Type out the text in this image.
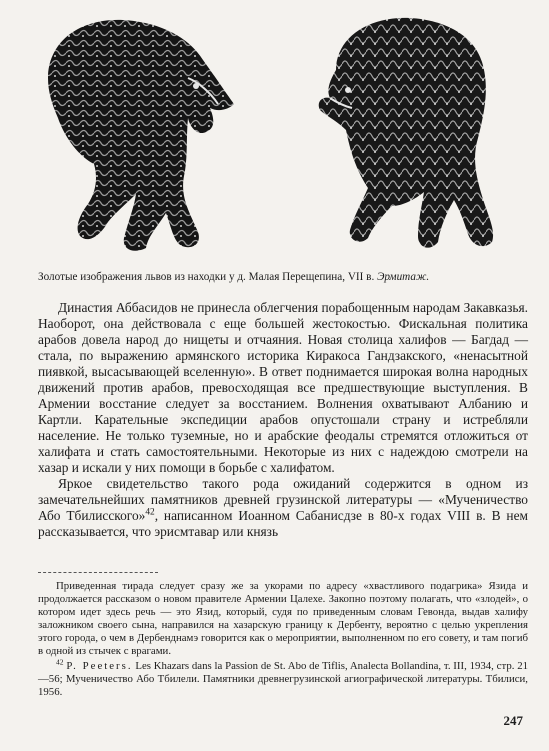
Золотые изображения львов из находки у д. Малая Перещепина, VII в. Эрмитаж.

Династия Аббасидов не принесла облегчения порабощенным народам Закавказья. Наоборот, она действовала с еще большей жестокостью. Фискальная политика арабов довела народ до нищеты и отчаяния. Новая столица халифов — Багдад — стала, по выражению армянского историка Киракоса Гандзакского, «ненасытной пиявкой, высасывающей вселенную». В ответ поднимается широкая волна народных движений против арабов, превосходящая все предшествующие выступления. В Армении восстание следует за восстанием. Волнения охватывают Албанию и Картли. Карательные экспедиции арабов опустошали страну и истребляли население. Не только туземные, но и арабские феодалы стремятся отложиться от халифата и стать самостоятельными. Некоторые из них с надеждою смотрели на хазар и искали у них помощи в борьбе с халифатом.

Яркое свидетельство такого рода ожиданий содержится в одном из замечательнейших памятников древней грузинской литературы — «Мученичество Або Тбилисского»$^{42}$, написанном Иоанном Сабанисдзе в 80-х годах VIII в. В нем рассказывается, что эрисмтавар или князь

Приведенная тирада следует сразу же за укорами по адресу «хвастливого подагрика» Язида и продолжается рассказом о новом правителе Армении Цалехе. Закопно поэтому полагать, что «злодей», о котором идет здесь речь — это Язид, который, судя по приведенным словам Гевонда, выдав халифу заложником своего сына, направился на хазарскую границу к Дербенту, вероятно с целью укрепления этого города, о чем в Дербенднамэ говорится как о мероприятии, выполненном по его совету, и там погиб в одной из стычек с врагами.

$^{42}$ P. Peeters. Les Khazars dans la Passion de St. Abo de Tiflis, Analecta Bollandina, т. III, 1934, стр. 21—56; Мученичество Або Тбилели. Памятники древнегрузинской агиографической литературы. Тбилиси, 1956.

247
